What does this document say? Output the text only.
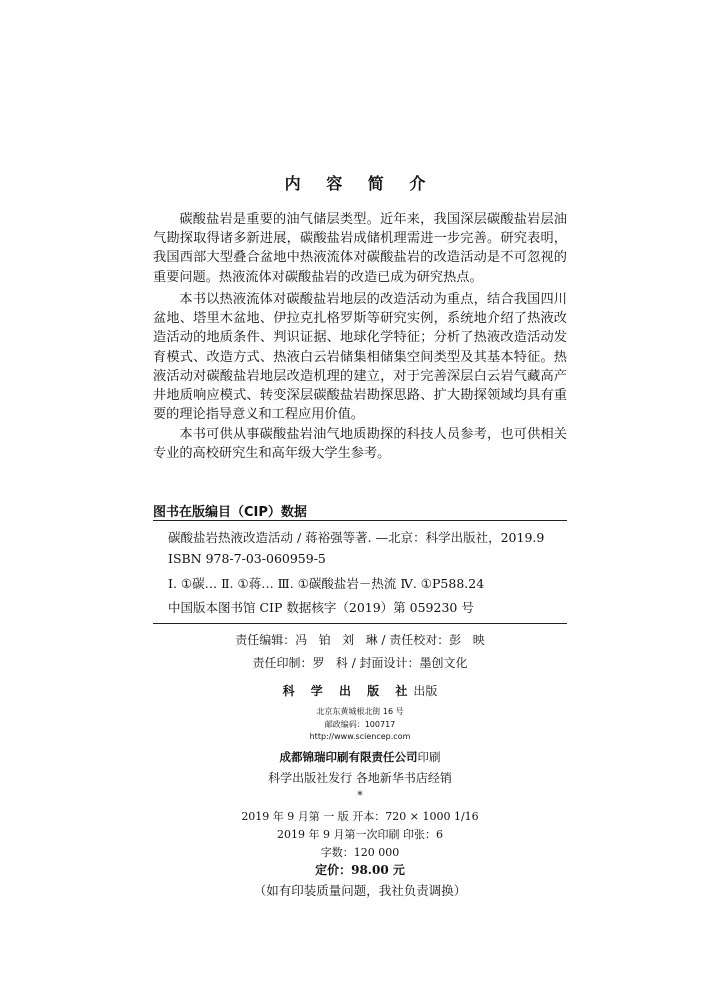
内 容 简 介

碳酸盐岩是重要的油气储层类型。近年来，我国深层碳酸盐岩层油气勘探取得诸多新进展，碳酸盐岩成储机理需进一步完善。研究表明，我国西部大型叠合盆地中热液流体对碳酸盐岩的改造活动是不可忽视的重要问题。热液流体对碳酸盐岩的改造已成为研究热点。

本书以热液流体对碳酸盐岩地层的改造活动为重点，结合我国四川盆地、塔里木盆地、伊拉克扎格罗斯等研究实例，系统地介绍了热液改造活动的地质条件、判识证据、地球化学特征；分析了热液改造活动发育模式、改造方式、热液白云岩储集相储集空间类型及其基本特征。热液活动对碳酸盐岩地层改造机理的建立，对于完善深层白云岩气藏高产井地质响应模式、转变深层碳酸盐岩勘探思路、扩大勘探领域均具有重要的理论指导意义和工程应用价值。

本书可供从事碳酸盐岩油气地质勘探的科技人员参考，也可供相关专业的高校研究生和高年级大学生参考。

图书在版编目（CIP）数据
碳酸盐岩热液改造活动 / 蒋裕强等著. —北京：科学出版社，2019.9
ISBN 978-7-03-060959-5
Ⅰ. ①碳… Ⅱ. ①蒋… Ⅲ. ①碳酸盐岩－热流 Ⅳ. ①P588.24
中国版本图书馆 CIP 数据核字（2019）第 059230 号
责任编辑：冯   铂   刘   琳 / 责任校对：彭   映
责任印制：罗   科 / 封面设计：墨创文化
科 学 出 版 社出版
北京东黄城根北街 16 号
邮政编码：100717
http://www.sciencep.com
成都锦瑞印刷有限责任公司印刷
科学出版社发行 各地新华书店经销
*
2019 年 9 月第 一 版 开本：720 × 1000 1/16
2019 年 9 月第一次印刷 印张：6
字数：120 000
定价：98.00 元
（如有印装质量问题，我社负责调换）
